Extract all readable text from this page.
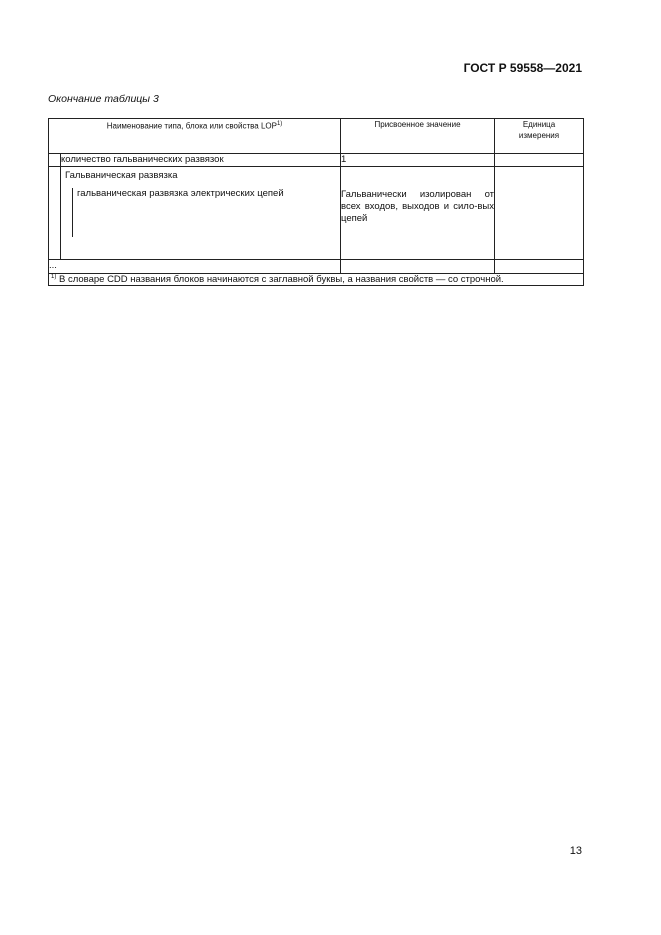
ГОСТ Р 59558—2021
Окончание таблицы 3
Наименование типа, блока или свойства LOP$^{1)}$		Присвоенное значение	Единица
измерения
	количество гальванических развязок	1	

	Гальваническая развязка
гальваническая развязка электрических цепей	Гальванически изолирован от всех входов, выходов и сило-вых цепей	
...			
$^{1)}$ В словаре CDD названия блоков начинаются с заглавной буквы, а названия свойств — со строчной.			
13
